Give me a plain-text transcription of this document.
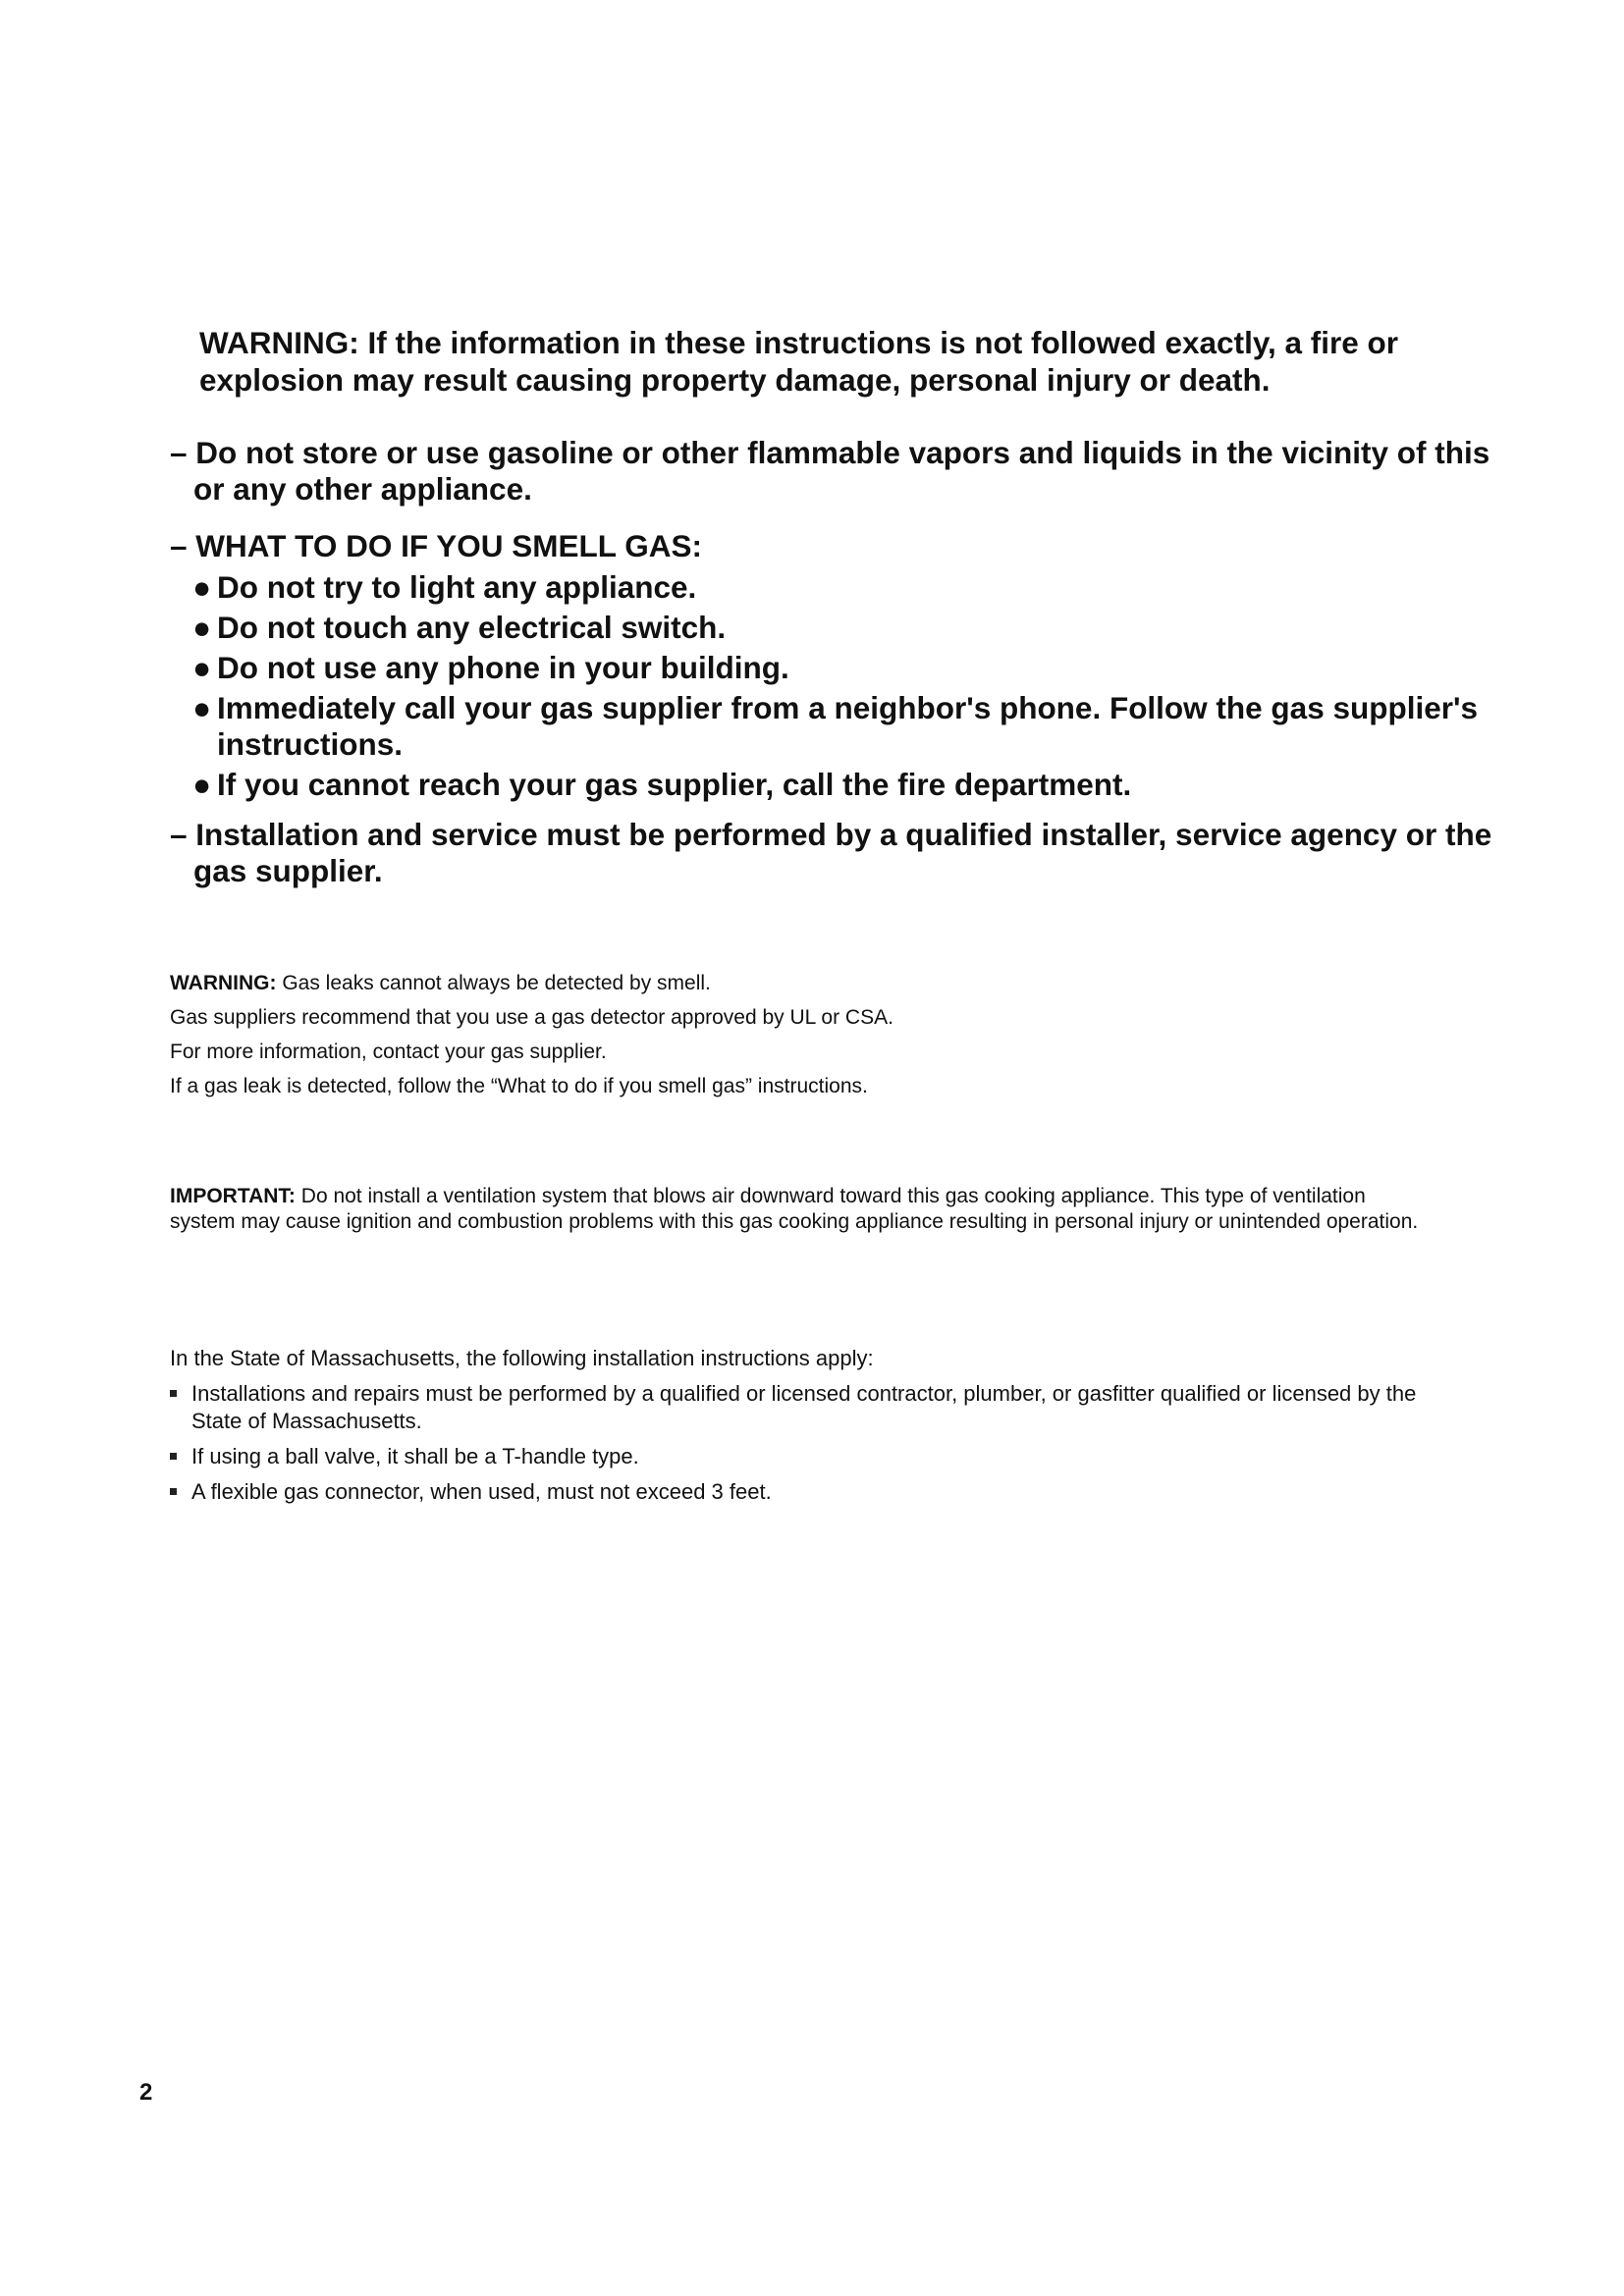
WARNING: If the information in these instructions is not followed exactly, a fire or explosion may result causing property damage, personal injury or death.
– Do not store or use gasoline or other flammable vapors and liquids in the vicinity of this or any other appliance.
– WHAT TO DO IF YOU SMELL GAS:
● Do not try to light any appliance.
● Do not touch any electrical switch.
● Do not use any phone in your building.
● Immediately call your gas supplier from a neighbor's phone. Follow the gas supplier's instructions.
● If you cannot reach your gas supplier, call the fire department.
– Installation and service must be performed by a qualified installer, service agency or the gas supplier.

WARNING: Gas leaks cannot always be detected by smell.

Gas suppliers recommend that you use a gas detector approved by UL or CSA.

For more information, contact your gas supplier.

If a gas leak is detected, follow the “What to do if you smell gas” instructions.

IMPORTANT: Do not install a ventilation system that blows air downward toward this gas cooking appliance. This type of ventilation system may cause ignition and combustion problems with this gas cooking appliance resulting in personal injury or unintended operation.

In the State of Massachusetts, the following installation instructions apply:

Installations and repairs must be performed by a qualified or licensed contractor, plumber, or gasfitter qualified or licensed by the State of Massachusetts.
If using a ball valve, it shall be a T-handle type.
A flexible gas connector, when used, must not exceed 3 feet.
2
